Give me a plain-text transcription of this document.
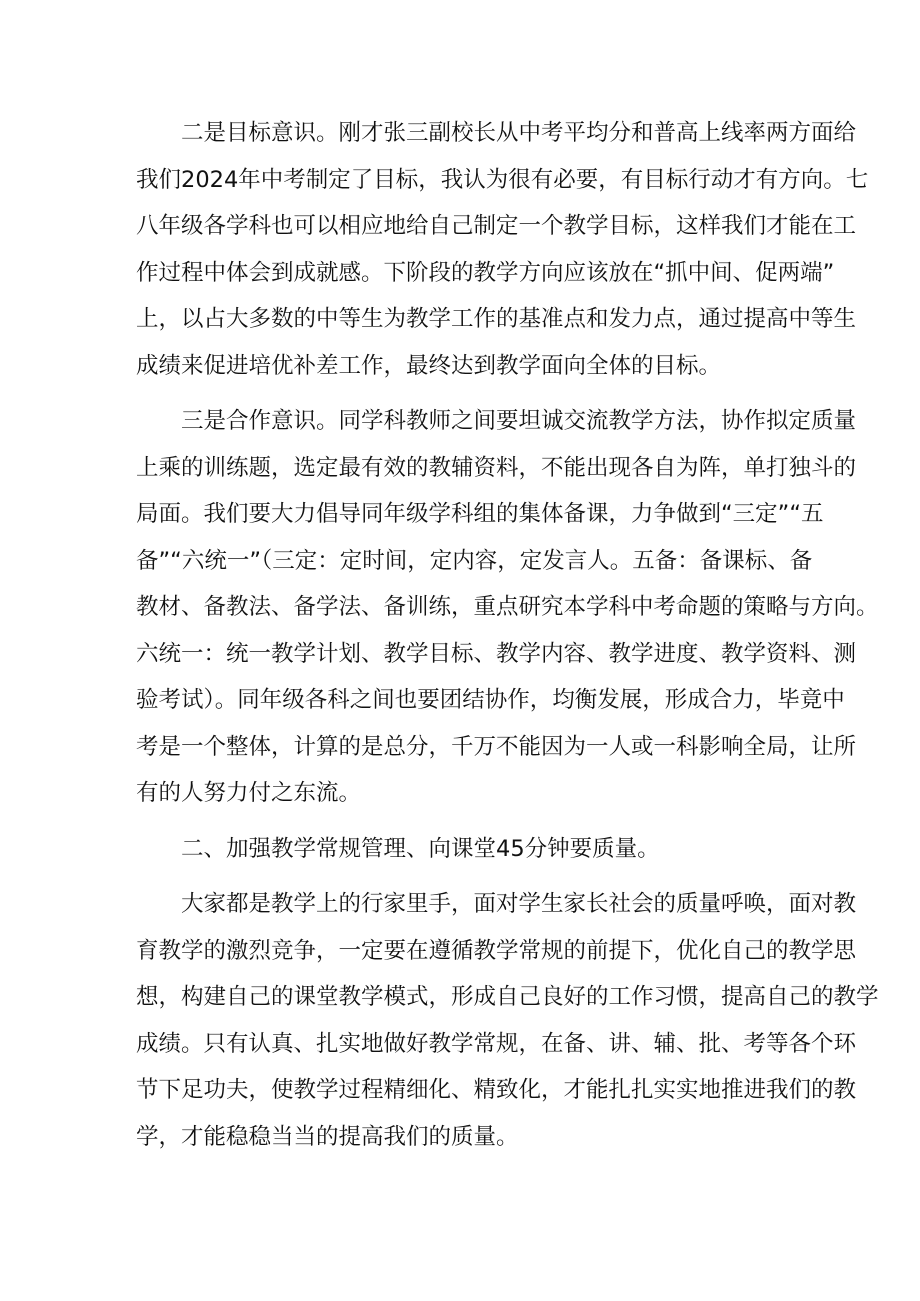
二是目标意识。刚才张三副校长从中考平均分和普高上线率两方面给
我们2024年中考制定了目标，我认为很有必要，有目标行动才有方向。七
八年级各学科也可以相应地给自己制定一个教学目标，这样我们才能在工
作过程中体会到成就感。下阶段的教学方向应该放在“抓中间、促两端”
上，以占大多数的中等生为教学工作的基准点和发力点，通过提高中等生
成绩来促进培优补差工作，最终达到教学面向全体的目标。
三是合作意识。同学科教师之间要坦诚交流教学方法，协作拟定质量
上乘的训练题，选定最有效的教辅资料，不能出现各自为阵，单打独斗的
局面。我们要大力倡导同年级学科组的集体备课，力争做到“三定”“五
备”“六统一”（三定：定时间，定内容，定发言人。五备：备课标、备
教材、备教法、备学法、备训练，重点研究本学科中考命题的策略与方向。
六统一：统一教学计划、教学目标、教学内容、教学进度、教学资料、测
验考试）。同年级各科之间也要团结协作，均衡发展，形成合力，毕竟中
考是一个整体，计算的是总分，千万不能因为一人或一科影响全局，让所
有的人努力付之东流。
二、加强教学常规管理、向课堂45分钟要质量。
大家都是教学上的行家里手，面对学生家长社会的质量呼唤，面对教
育教学的激烈竞争，一定要在遵循教学常规的前提下，优化自己的教学思
想，构建自己的课堂教学模式，形成自己良好的工作习惯，提高自己的教学
成绩。只有认真、扎实地做好教学常规，在备、讲、辅、批、考等各个环
节下足功夫，使教学过程精细化、精致化，才能扎扎实实地推进我们的教
学，才能稳稳当当的提高我们的质量。
